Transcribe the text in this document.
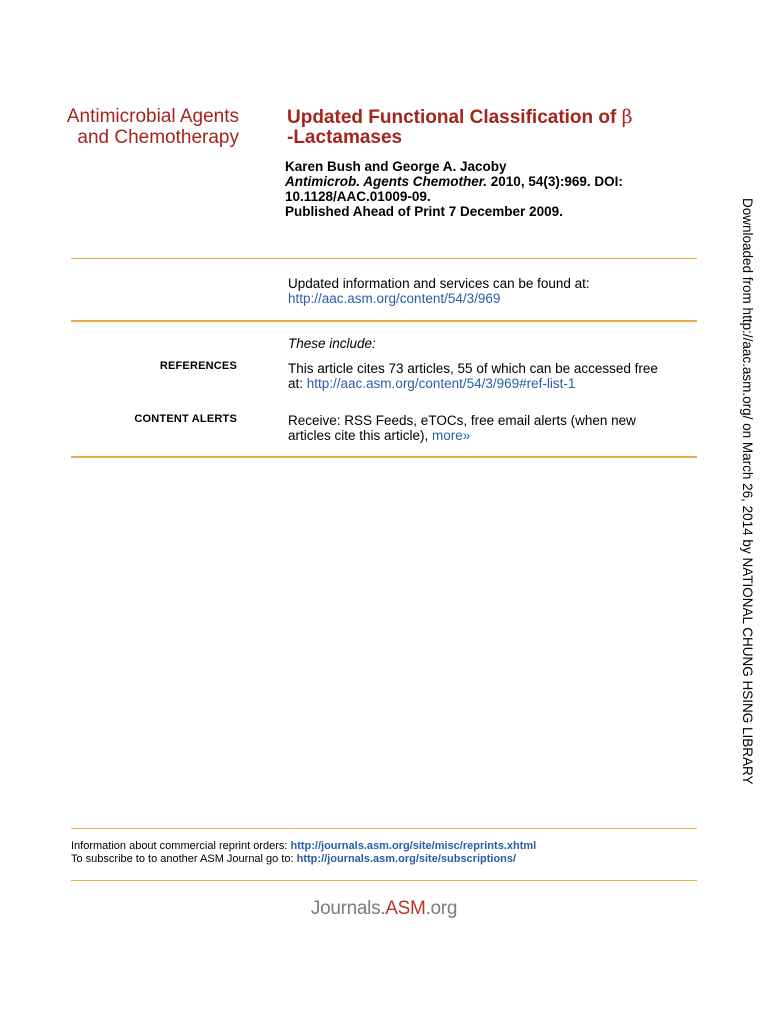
Antimicrobial Agents
and Chemotherapy
Updated Functional Classification of β
-Lactamases
Karen Bush and George A. Jacoby
Antimicrob. Agents Chemother. 2010, 54(3):969. DOI:
10.1128/AAC.01009-09.
Published Ahead of Print 7 December 2009.
Updated information and services can be found at:
http://aac.asm.org/content/54/3/969
These include:
REFERENCES	This article cites 73 articles, 55 of which can be accessed free
at: http://aac.asm.org/content/54/3/969#ref-list-1
CONTENT ALERTS	Receive: RSS Feeds, eTOCs, free email alerts (when new
articles cite this article), more»
Information about commercial reprint orders: http://journals.asm.org/site/misc/reprints.xhtml
To subscribe to to another ASM Journal go to: http://journals.asm.org/site/subscriptions/
Journals.ASM.org
Downloaded from http://aac.asm.org/ on March 26, 2014 by NATIONAL CHUNG HSING LIBRARY
